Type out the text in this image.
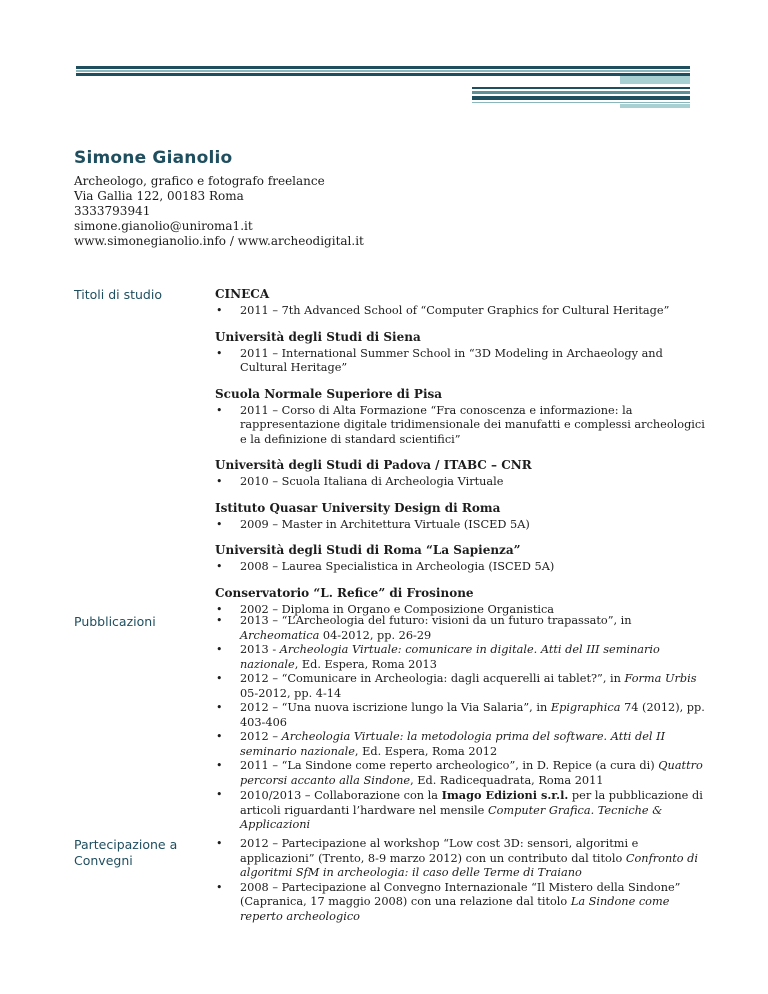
Simone Gianolio
Archeologo, grafico e fotografo freelance
Via Gallia 122, 00183 Roma
3333793941
simone.gianolio@uniroma1.it
www.simonegianolio.info / www.archeodigital.it
Titoli di studio	CINECA
• 2011 – 7th Advanced School of “Computer Graphics for Cultural Heritage”
Università degli Studi di Siena
• 2011 – International Summer School in “3D Modeling in Archaeology and Cultural Heritage”
Scuola Normale Superiore di Pisa
• 2011 – Corso di Alta Formazione “Fra conoscenza e informazione: la rappresentazione digitale tridimensionale dei manufatti e complessi archeologici e la definizione di standard scientifici”
Università degli Studi di Padova / ITABC – CNR
• 2010 – Scuola Italiana di Archeologia Virtuale
Istituto Quasar University Design di Roma
• 2009 – Master in Architettura Virtuale (ISCED 5A)
Università degli Studi di Roma “La Sapienza”
• 2008 – Laurea Specialistica in Archeologia (ISCED 5A)
Conservatorio “L. Refice” di Frosinone
• 2002 – Diploma in Organo e Composizione Organistica
Pubblicazioni
•	2013 – “L’Archeologia del futuro: visioni da un futuro trapassato”, in Archeomatica 04-2012, pp. 26-29
• 2013 - Archeologia Virtuale: comunicare in digitale. Atti del III seminario nazionale, Ed. Espera, Roma 2013
• 2012 – “Comunicare in Archeologia: dagli acquerelli ai tablet?”, in Forma Urbis 05-2012, pp. 4-14
• 2012 – “Una nuova iscrizione lungo la Via Salaria”, in Epigraphica 74 (2012), pp. 403-406
• 2012 – Archeologia Virtuale: la metodologia prima del software. Atti del II seminario nazionale, Ed. Espera, Roma 2012
• 2011 – “La Sindone come reperto archeologico”, in D. Repice (a cura di) Quattro percorsi accanto alla Sindone, Ed. Radicequadrata, Roma 2011
• 2010/2013 – Collaborazione con la Imago Edizioni s.r.l. per la pubblicazione di articoli riguardanti l’hardware nel mensile Computer Grafica. Tecniche & Applicazioni
Partecipazione a Convegni
• 2012 – Partecipazione al workshop “Low cost 3D: sensori, algoritmi e applicazioni” (Trento, 8-9 marzo 2012) con un contributo dal titolo Confronto di algoritmi SfM in archeologia: il caso delle Terme di Traiano
• 2008 – Partecipazione al Convegno Internazionale “Il Mistero della Sindone” (Capranica, 17 maggio 2008) con una relazione dal titolo La Sindone come reperto archeologico
